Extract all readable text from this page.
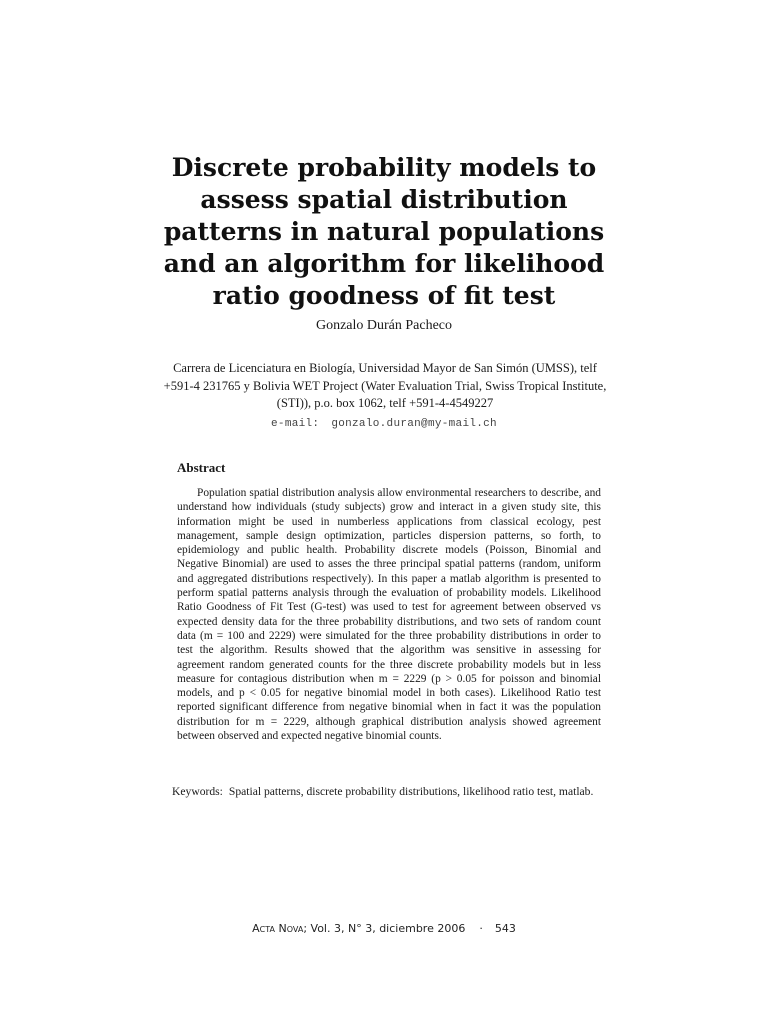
Discrete probability models to assess spatial distribution patterns in natural populations and an algorithm for likelihood ratio goodness of fit test
Gonzalo Durán Pacheco
Carrera de Licenciatura en Biología, Universidad Mayor de San Simón (UMSS), telf +591-4 231765 y Bolivia WET Project (Water Evaluation Trial, Swiss Tropical Institute, (STI)), p.o. box 1062, telf +591-4-4549227
e-mail: gonzalo.duran@my-mail.ch
Abstract

Population spatial distribution analysis allow environmental researchers to describe, and understand how individuals (study subjects) grow and interact in a given study site, this information might be used in numberless applications from classical ecology, pest management, sample design optimization, particles dispersion patterns, so forth, to epidemiology and public health. Probability discrete models (Poisson, Binomial and Negative Binomial) are used to asses the three principal spatial patterns (random, uniform and aggregated distributions respectively). In this paper a matlab algorithm is presented to perform spatial patterns analysis through the evaluation of probability models. Likelihood Ratio Goodness of Fit Test (G-test) was used to test for agreement between observed vs expected density data for the three probability distributions, and two sets of random count data (m = 100 and 2229) were simulated for the three probability distributions in order to test the algorithm. Results showed that the algorithm was sensitive in assessing for agreement random generated counts for the three discrete probability models but in less measure for contagious distribution when m = 2229 (p > 0.05 for poisson and binomial models, and p < 0.05 for negative binomial model in both cases). Likelihood Ratio test reported significant difference from negative binomial when in fact it was the population distribution for m = 2229, although graphical distribution analysis showed agreement between observed and expected negative binomial counts.

Keywords: Spatial patterns, discrete probability distributions, likelihood ratio test, matlab.
Acta Nova; Vol. 3, N° 3, diciembre 2006 · 543
